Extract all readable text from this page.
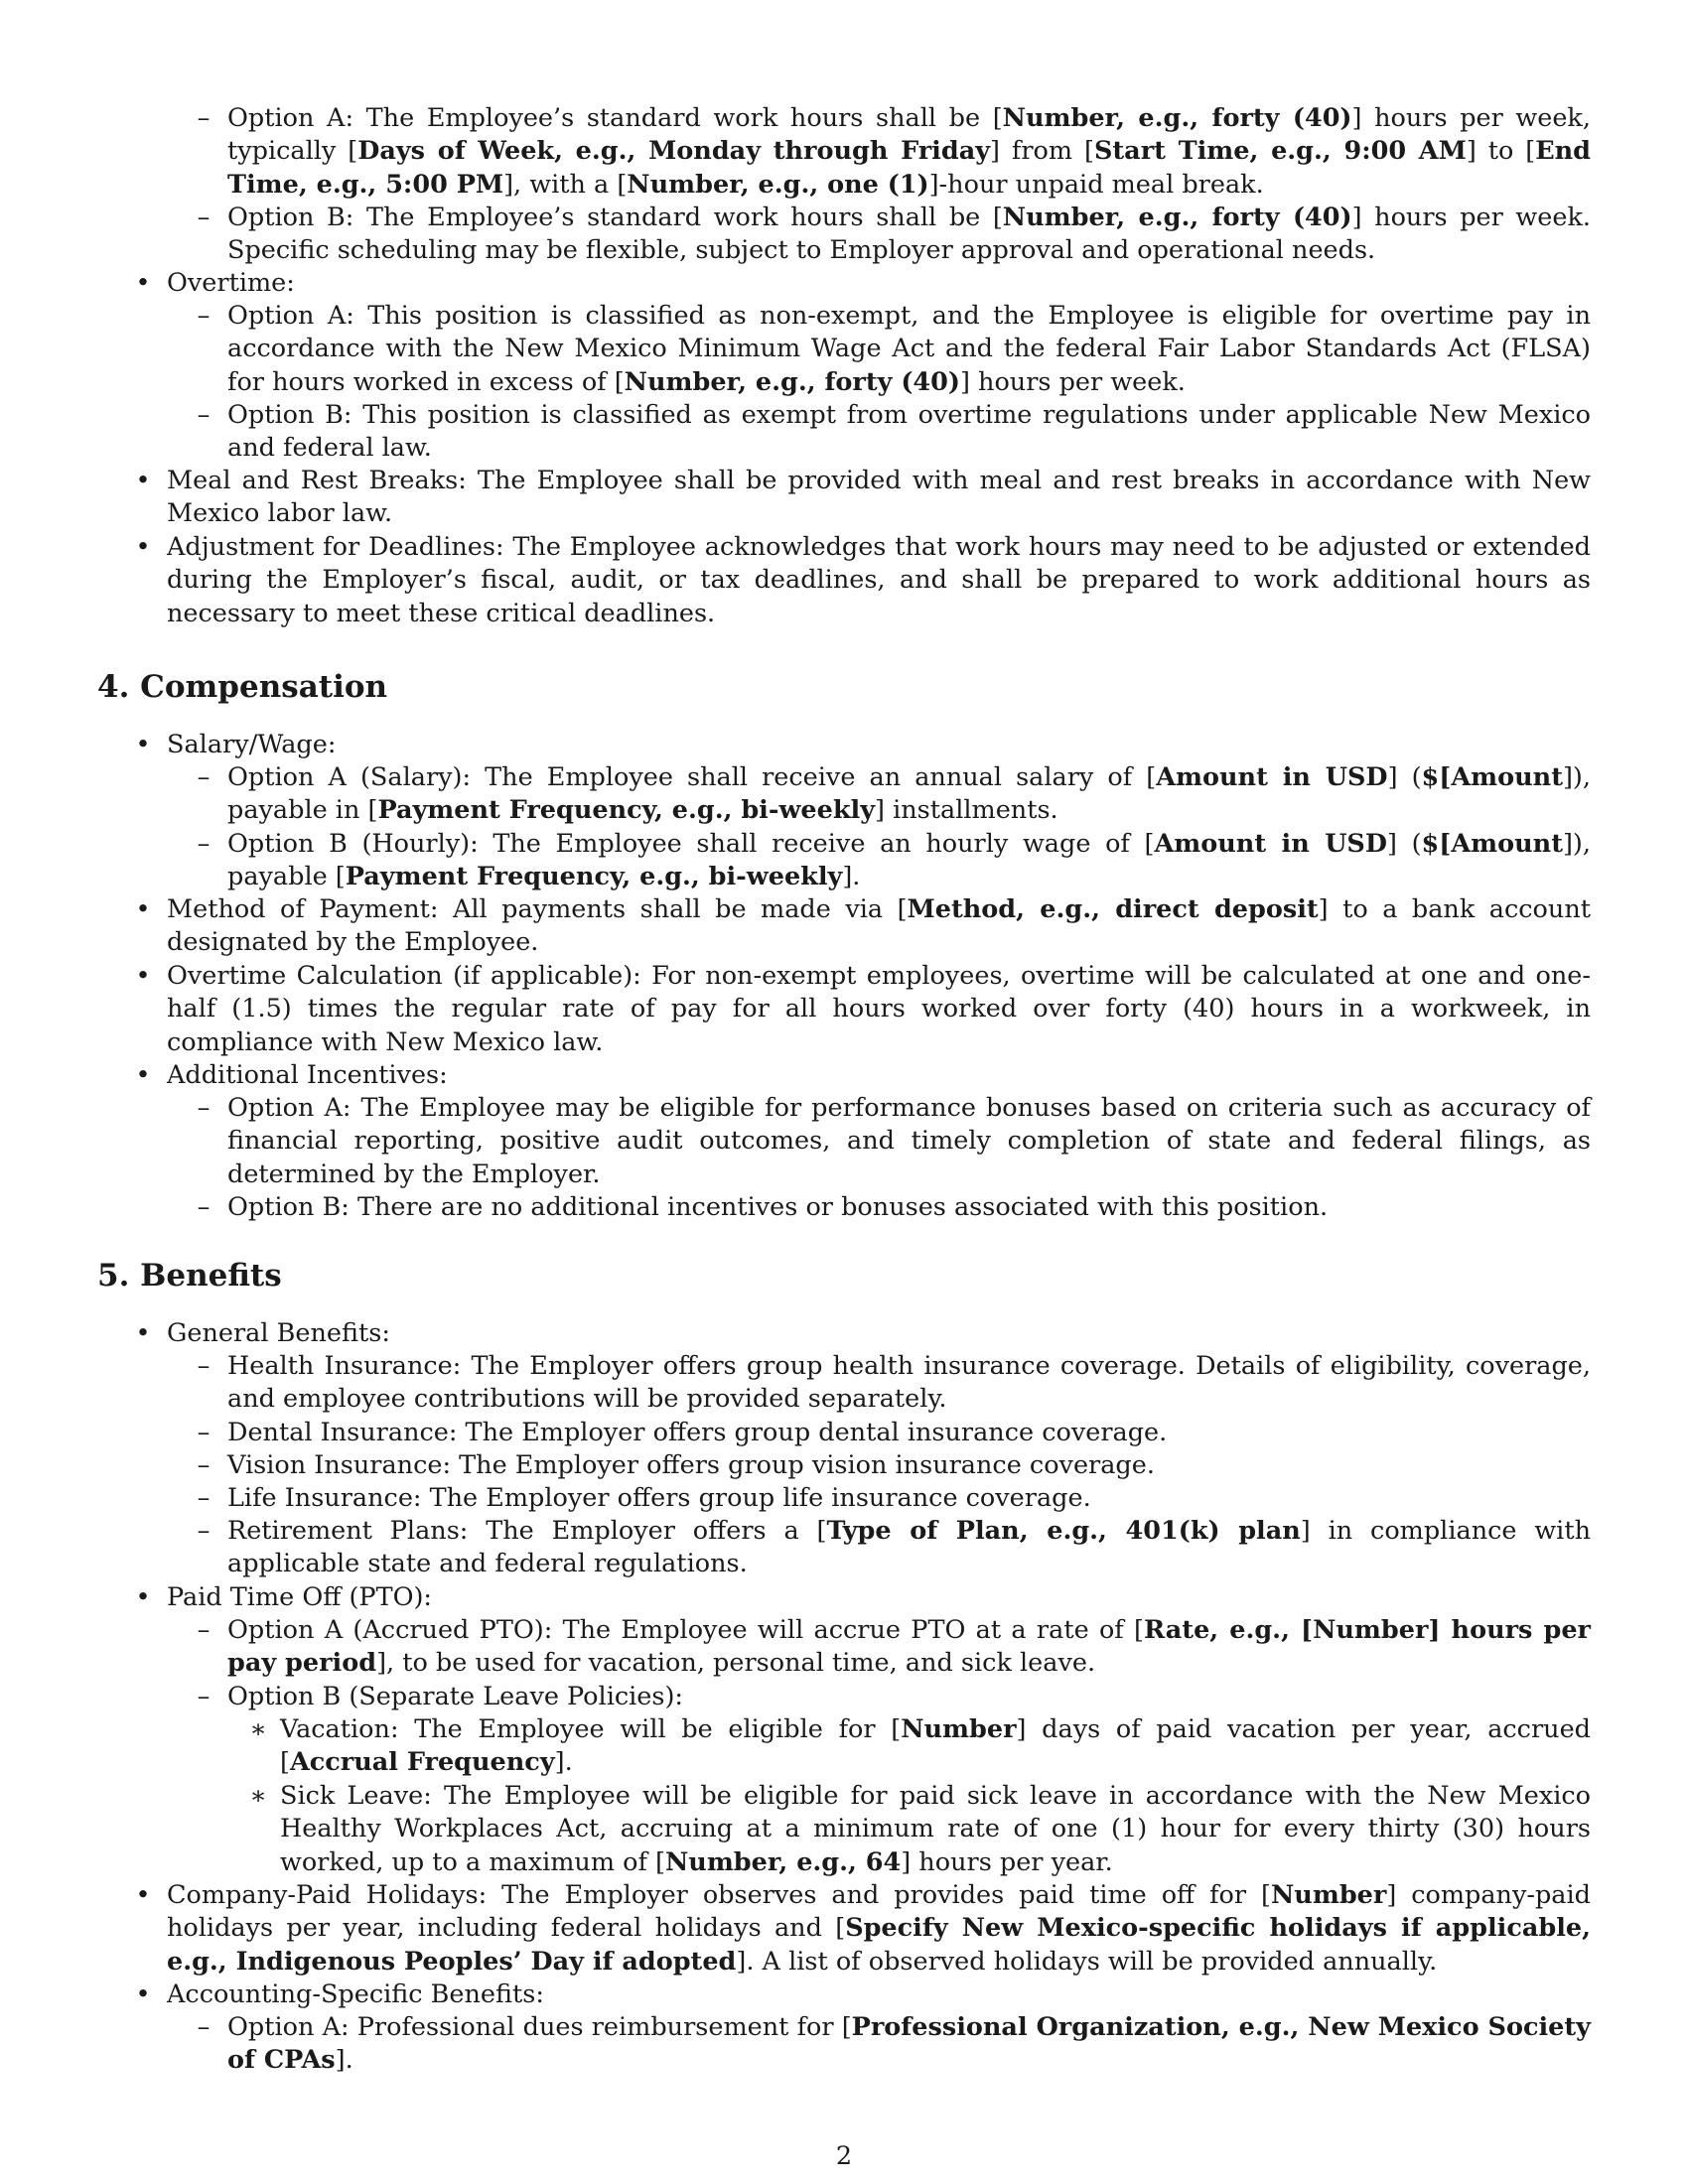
– Option A: The Employee’s standard work hours shall be [Number, e.g., forty (40)] hours per week, typically [Days of Week, e.g., Monday through Friday] from [Start Time, e.g., 9:00 AM] to [End Time, e.g., 5:00 PM], with a [Number, e.g., one (1)]-hour unpaid meal break.
– Option B: The Employee’s standard work hours shall be [Number, e.g., forty (40)] hours per week. Specific scheduling may be flexible, subject to Employer approval and operational needs.
• Overtime:
– Option A: This position is classified as non-exempt, and the Employee is eligible for overtime pay in accordance with the New Mexico Minimum Wage Act and the federal Fair Labor Standards Act (FLSA) for hours worked in excess of [Number, e.g., forty (40)] hours per week.
– Option B: This position is classified as exempt from overtime regulations under applicable New Mexico and federal law.
• Meal and Rest Breaks: The Employee shall be provided with meal and rest breaks in accordance with New Mexico labor law.
• Adjustment for Deadlines: The Employee acknowledges that work hours may need to be adjusted or extended during the Employer’s fiscal, audit, or tax deadlines, and shall be prepared to work additional hours as necessary to meet these critical deadlines.
4. Compensation
• Salary/Wage:
– Option A (Salary): The Employee shall receive an annual salary of [Amount in USD] ($[Amount]), payable in [Payment Frequency, e.g., bi-weekly] installments.
– Option B (Hourly): The Employee shall receive an hourly wage of [Amount in USD] ($[Amount]), payable [Payment Frequency, e.g., bi-weekly].
• Method of Payment: All payments shall be made via [Method, e.g., direct deposit] to a bank account designated by the Employee.
• Overtime Calculation (if applicable): For non-exempt employees, overtime will be calculated at one and one-half (1.5) times the regular rate of pay for all hours worked over forty (40) hours in a workweek, in compliance with New Mexico law.
• Additional Incentives:
– Option A: The Employee may be eligible for performance bonuses based on criteria such as accuracy of financial reporting, positive audit outcomes, and timely completion of state and federal filings, as determined by the Employer.
– Option B: There are no additional incentives or bonuses associated with this position.
5. Benefits
• General Benefits:
– Health Insurance: The Employer offers group health insurance coverage. Details of eligibility, coverage, and employee contributions will be provided separately.
– Dental Insurance: The Employer offers group dental insurance coverage.
– Vision Insurance: The Employer offers group vision insurance coverage.
– Life Insurance: The Employer offers group life insurance coverage.
– Retirement Plans: The Employer offers a [Type of Plan, e.g., 401(k) plan] in compliance with applicable state and federal regulations.
• Paid Time Off (PTO):
– Option A (Accrued PTO): The Employee will accrue PTO at a rate of [Rate, e.g., [Number] hours per pay period], to be used for vacation, personal time, and sick leave.
– Option B (Separate Leave Policies):
∗ Vacation: The Employee will be eligible for [Number] days of paid vacation per year, accrued [Accrual Frequency].
∗ Sick Leave: The Employee will be eligible for paid sick leave in accordance with the New Mexico Healthy Workplaces Act, accruing at a minimum rate of one (1) hour for every thirty (30) hours worked, up to a maximum of [Number, e.g., 64] hours per year.
• Company-Paid Holidays: The Employer observes and provides paid time off for [Number] company-paid holidays per year, including federal holidays and [Specify New Mexico-specific holidays if applicable, e.g., Indigenous Peoples’ Day if adopted]. A list of observed holidays will be provided annually.
• Accounting-Specific Benefits:
– Option A: Professional dues reimbursement for [Professional Organization, e.g., New Mexico Society of CPAs].
2
